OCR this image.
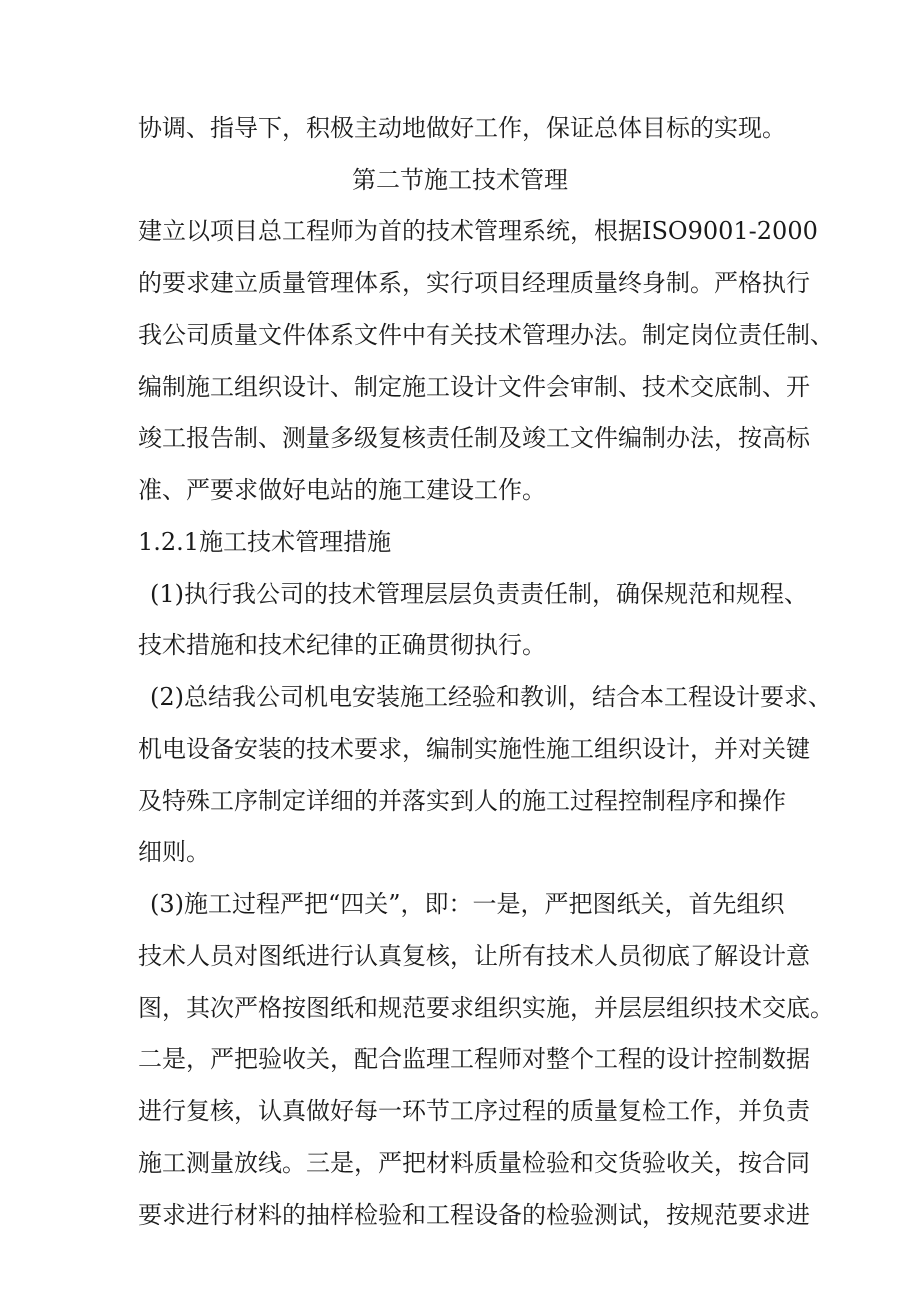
协调、指导下，积极主动地做好工作，保证总体目标的实现。
第二节施工技术管理
建立以项目总工程师为首的技术管理系统，根据ISO9001-2000
的要求建立质量管理体系，实行项目经理质量终身制。严格执行
我公司质量文件体系文件中有关技术管理办法。制定岗位责任制、
编制施工组织设计、制定施工设计文件会审制、技术交底制、开
竣工报告制、测量多级复核责任制及竣工文件编制办法，按高标
准、严要求做好电站的施工建设工作。
1.2.1施工技术管理措施
(1)执行我公司的技术管理层层负责责任制，确保规范和规程、
技术措施和技术纪律的正确贯彻执行。
(2)总结我公司机电安装施工经验和教训，结合本工程设计要求、
机电设备安装的技术要求，编制实施性施工组织设计，并对关键
及特殊工序制定详细的并落实到人的施工过程控制程序和操作
细则。
(3)施工过程严把“四关”，即：一是，严把图纸关，首先组织
技术人员对图纸进行认真复核，让所有技术人员彻底了解设计意
图，其次严格按图纸和规范要求组织实施，并层层组织技术交底。
二是，严把验收关，配合监理工程师对整个工程的设计控制数据
进行复核，认真做好每一环节工序过程的质量复检工作，并负责
施工测量放线。三是，严把材料质量检验和交货验收关，按合同
要求进行材料的抽样检验和工程设备的检验测试，按规范要求进
